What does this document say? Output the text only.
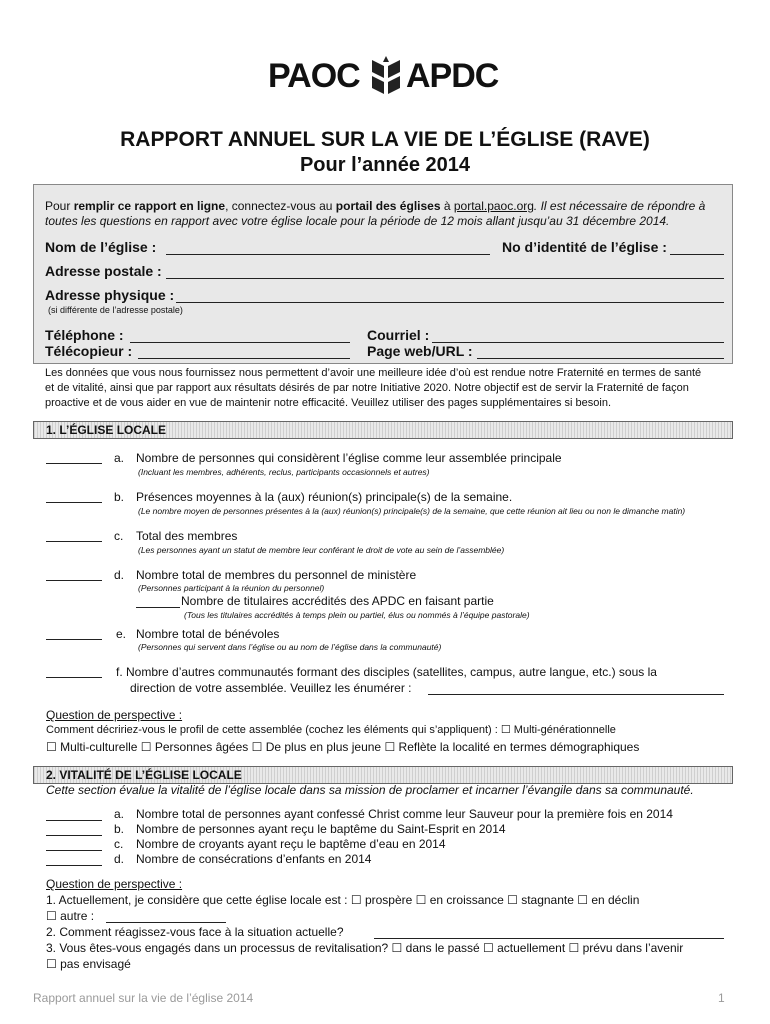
PAOC APDC
RAPPORT ANNUEL SUR LA VIE DE L’ÉGLISE (RAVE)
Pour l’année 2014
Pour remplir ce rapport en ligne, connectez-vous au portail des églises à portal.paoc.org. Il est nécessaire de répondre à
toutes les questions en rapport avec votre église locale pour la période de 12 mois allant jusqu’au 31 décembre 2014.
Nom de l’église :	No d’identité de l’église :
Adresse postale :
Adresse physique :
(si différente de l’adresse postale)
Téléphone :	Courriel :
Télécopieur :	Page web/URL :
Les données que vous nous fournissez nous permettent d’avoir une meilleure idée d’où est rendue notre Fraternité en termes de santé
et de vitalité, ainsi que par rapport aux résultats désirés de par notre Initiative 2020. Notre objectif est de servir la Fraternité de façon
proactive et de vous aider en vue de maintenir notre efficacité. Veuillez utiliser des pages supplémentaires si besoin.
1. L’ÉGLISE LOCALE
a. Nombre de personnes qui considèrent l’église comme leur assemblée principale
(Incluant les membres, adhérents, reclus, participants occasionnels et autres)
b. Présences moyennes à la (aux) réunion(s) principale(s) de la semaine.
(Le nombre moyen de personnes présentes à la (aux) réunion(s) principale(s) de la semaine, que cette réunion ait lieu ou non le dimanche matin)
c. Total des membres
(Les personnes ayant un statut de membre leur conférant le droit de vote au sein de l’assemblée)
d. Nombre total de membres du personnel de ministère
(Personnes participant à la réunion du personnel)
Nombre de titulaires accrédités des APDC en faisant partie
(Tous les titulaires accrédités à temps plein ou partiel, élus ou nommés à l’équipe pastorale)
e. Nombre total de bénévoles
(Personnes qui servent dans l’église ou au nom de l’église dans la communauté)
f. Nombre d’autres communautés formant des disciples (satellites, campus, autre langue, etc.) sous la
direction de votre assemblée. Veuillez les énumérer :
Question de perspective :
Comment décririez-vous le profil de cette assemblée (cochez les éléments qui s’appliquent) : ☐ Multi-générationnelle
☐ Multi-culturelle ☐ Personnes âgées ☐ De plus en plus jeune ☐ Reflète la localité en termes démographiques
2. VITALITÉ DE L’ÉGLISE LOCALE
Cette section évalue la vitalité de l’église locale dans sa mission de proclamer et incarner l’évangile dans sa communauté.
a. Nombre total de personnes ayant confessé Christ comme leur Sauveur pour la première fois en 2014
b. Nombre de personnes ayant reçu le baptême du Saint-Esprit en 2014
c. Nombre de croyants ayant reçu le baptême d’eau en 2014
d. Nombre de consécrations d’enfants en 2014
Question de perspective :
1. Actuellement, je considère que cette église locale est : ☐ prospère ☐ en croissance ☐ stagnante ☐ en déclin
☐ autre :
2. Comment réagissez-vous face à la situation actuelle?
3. Vous êtes-vous engagés dans un processus de revitalisation? ☐ dans le passé ☐ actuellement ☐ prévu dans l’avenir
☐ pas envisagé
Rapport annuel sur la vie de l’église 2014	1
